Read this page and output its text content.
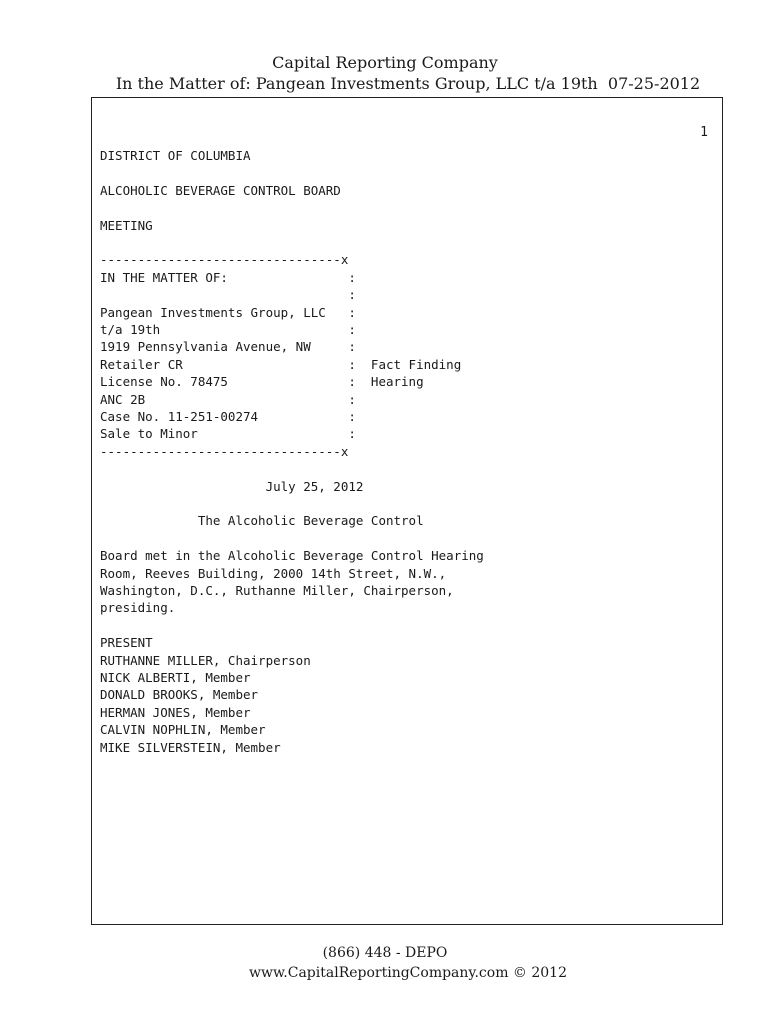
Capital Reporting Company
In the Matter of: Pangean Investments Group, LLC t/a 19th  07-25-2012
1
DISTRICT OF COLUMBIA
ALCOHOLIC BEVERAGE CONTROL BOARD
MEETING
--------------------------------x
IN THE MATTER OF:                :
:
Pangean Investments Group, LLC   :
t/a 19th                         :
1919 Pennsylvania Avenue, NW     :
Retailer CR                      :  Fact Finding
License No. 78475                :  Hearing
ANC 2B                           :
Case No. 11-251-00274            :
Sale to Minor                    :
--------------------------------x
July 25, 2012
The Alcoholic Beverage Control
Board met in the Alcoholic Beverage Control Hearing
Room, Reeves Building, 2000 14th Street, N.W.,
Washington, D.C., Ruthanne Miller, Chairperson,
presiding.
PRESENT
RUTHANNE MILLER, Chairperson
NICK ALBERTI, Member
DONALD BROOKS, Member
HERMAN JONES, Member
CALVIN NOPHLIN, Member
MIKE SILVERSTEIN, Member
(866) 448 - DEPO
www.CapitalReportingCompany.com © 2012
